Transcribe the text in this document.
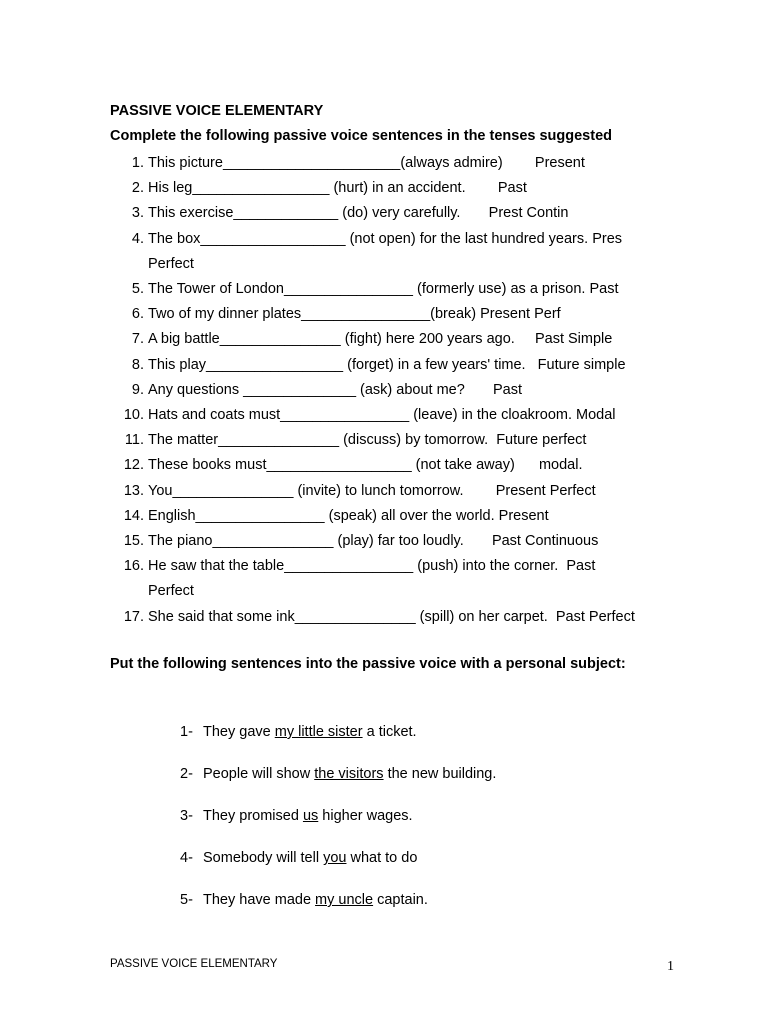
PASSIVE VOICE ELEMENTARY
Complete the following passive voice sentences in the tenses suggested
1. This picture______________________(always admire)        Present
2. His leg_________________ (hurt) in an accident.        Past
3. This exercise_____________ (do) very carefully.       Prest Contin
4. The box__________________ (not open) for the last hundred years. Pres
Perfect
5. The Tower of London________________ (formerly use) as a prison. Past
6. Two of my dinner plates________________(break) Present Perf
7. A big battle_______________ (fight) here 200 years ago.     Past Simple
8. This play_________________ (forget) in a few years' time.   Future simple
9. Any questions ______________ (ask) about me?       Past
10. Hats and coats must________________ (leave) in the cloakroom. Modal
11. The matter_______________ (discuss) by tomorrow.  Future perfect
12. These books must__________________ (not take away)      modal.
13. You_______________ (invite) to lunch tomorrow.        Present Perfect
14. English________________ (speak) all over the world. Present
15. The piano_______________ (play) far too loudly.       Past Continuous
16. He saw that the table________________ (push) into the corner.  Past
Perfect
17. She said that some ink_______________ (spill) on her carpet.  Past Perfect
Put the following sentences into the passive voice with a personal subject:
1- They gave my little sister a ticket.
2- People will show the visitors the new building.
3- They promised us higher wages.
4- Somebody will tell you what to do
5- They have made my uncle captain.
PASSIVE VOICE ELEMENTARY	1
